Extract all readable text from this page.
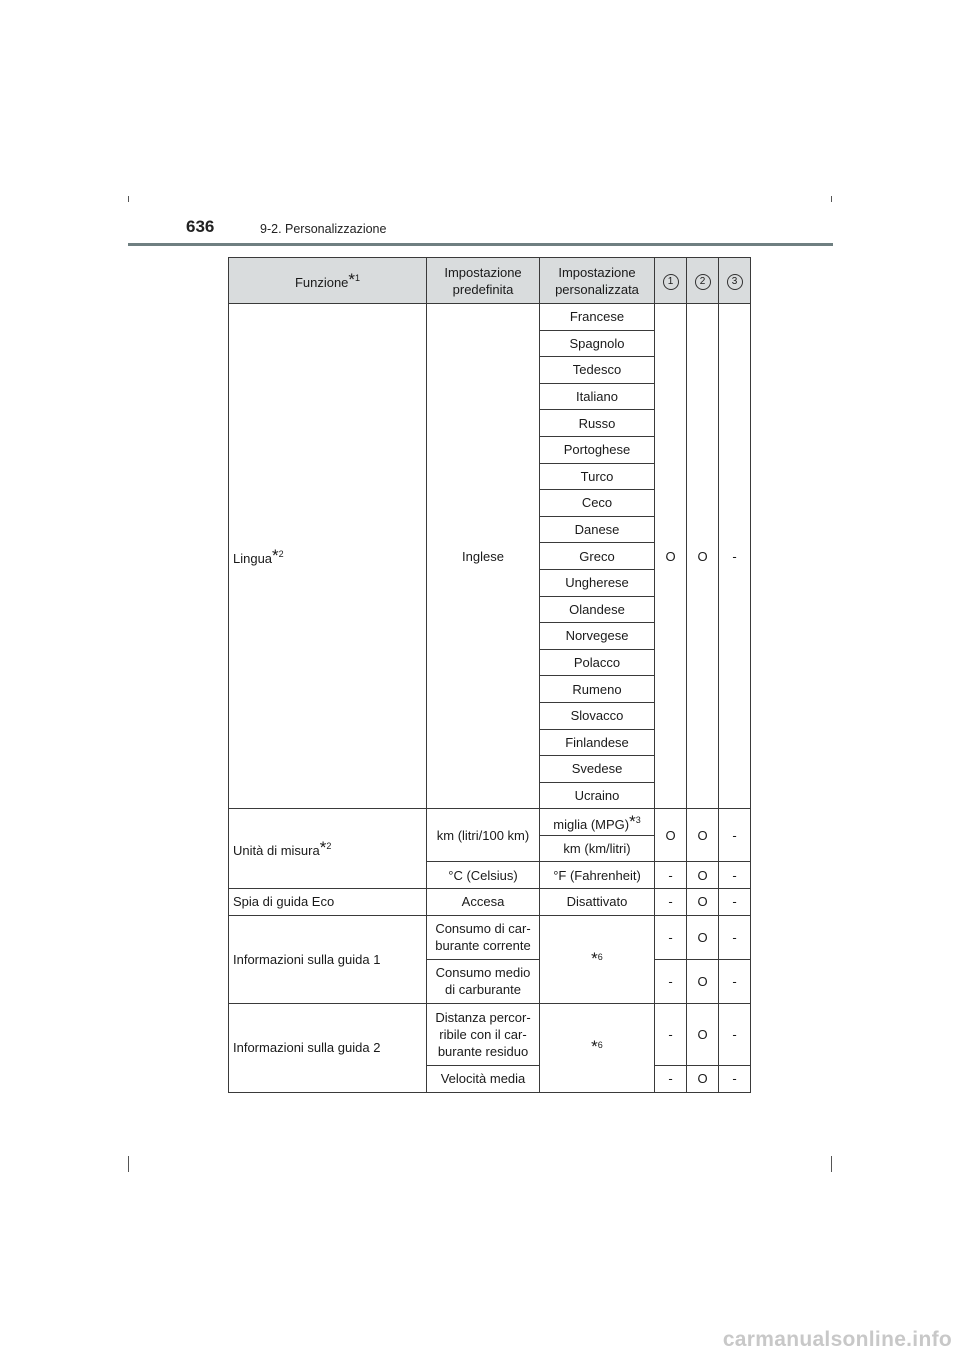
636	9-2. Personalizzazione
Funzione*$^1$	Impostazione predefinita	Impostazione personalizzata	1	2	3
Lingua*$^2$	Inglese	Francese	O	O	-
		Spagnolo			
		Tedesco			
		Italiano			
		Russo			
		Portoghese			
		Turco			
		Ceco			
		Danese			
		Greco			
		Ungherese			
		Olandese			
		Norvegese			
		Polacco			
		Rumeno			
		Slovacco			
		Finlandese			
		Svedese			
		Ucraino			
Unità di misura*$^2$	km (litri/100 km)	miglia (MPG)*$^3$	O	O	-
		km (km/litri)			
	°C (Celsius)	°F (Fahrenheit)	-	O	-
Spia di guida Eco	Accesa	Disattivato	-	O	-
Informazioni sulla guida 1	Consumo di car-burante corrente	*$^6$	-	O	-
	Consumo medio di carburante		-	O	-
Informazioni sulla guida 2	Distanza percor-ribile con il car-burante residuo	*$^6$	-	O	-
	Velocità media		-	O	-
carmanualsonline.info
